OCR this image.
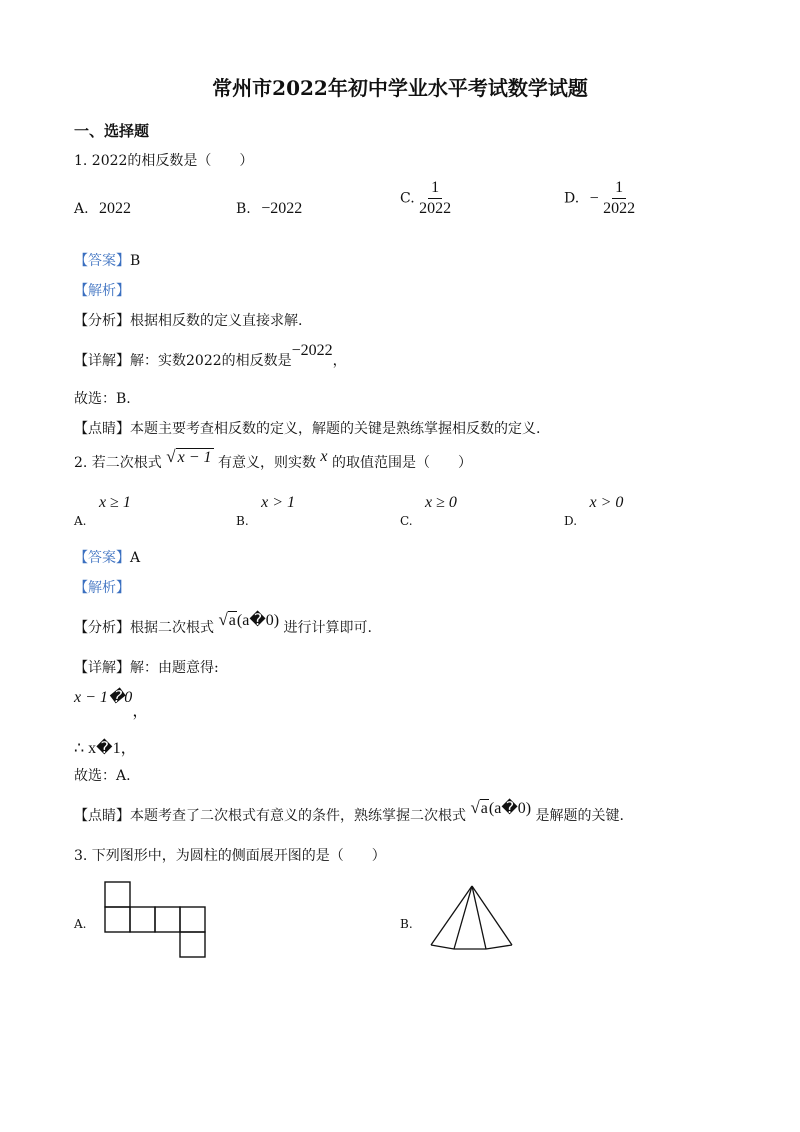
常州市2022年初中学业水平考试数学试题
一、选择题
1. 2022的相反数是（　　）
A. 2022	B. −2022
C. $\frac{1}{2022}$	D. − $\frac{1}{2022}$
【答案】B
【解析】
【分析】根据相反数的定义直接求解.
【详解】解：实数2022的相反数是−2022，
故选：B.
【点睛】本题主要考查相反数的定义，解题的关键是熟练掌握相反数的定义.
2. 若二次根式 √ x − 1 有意义，则实数 x 的取值范围是（　　）
A. x ≥ 1
B. x > 1
C. x ≥ 0
D. x > 0
【答案】A
【解析】
【分析】根据二次根式 √a(a�0) 进行计算即可.
【详解】解：由题意得:
x − 1�0，
∴ x�1，
故选：A.
【点睛】本题考查了二次根式有意义的条件，熟练掌握二次根式 √a(a�0) 是解题的关键.
3. 下列图形中，为圆柱的侧面展开图的是（　　）
A.	B.
